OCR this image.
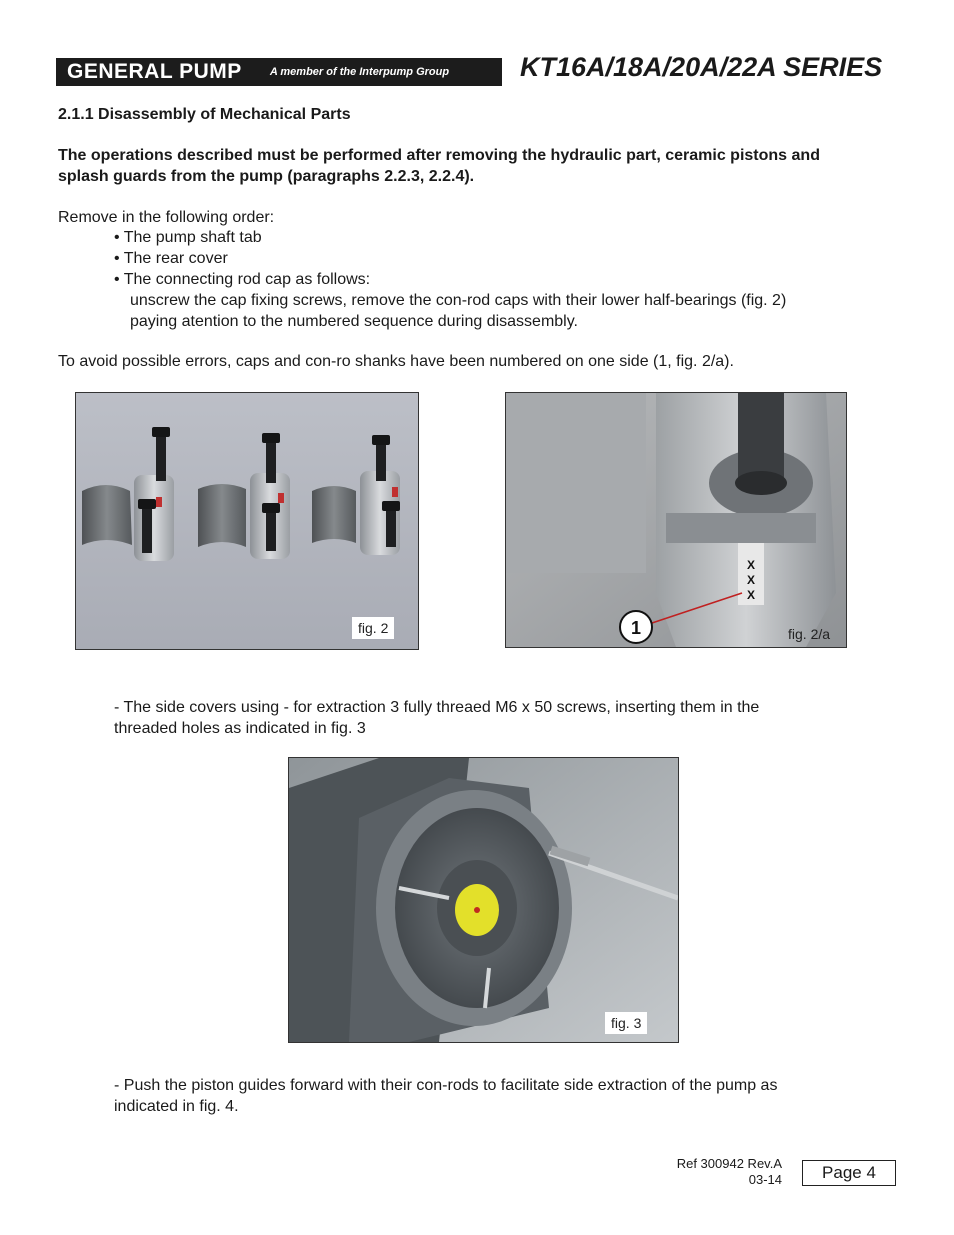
GENERAL PUMP	A member of the Interpump Group	KT16A/18A/20A/22A SERIES
2.1.1 Disassembly of Mechanical Parts
The operations described must be performed after removing the hydraulic part, ceramic pistons and
splash guards from the pump (paragraphs 2.2.3, 2.2.4).
Remove in the following order:
• The pump shaft tab
• The rear cover
• The connecting rod cap as follows:
unscrew the cap fixing screws, remove the con-rod caps with their lower half-bearings (fig. 2)
paying atention to the numbered sequence during disassembly.
To avoid possible errors, caps and con-ro shanks have been numbered on one side (1, fig. 2/a).
fig. 2
X
X
X
1	fig. 2/a
- The side covers using - for extraction 3 fully threaed M6 x 50 screws, inserting them in the
threaded holes as indicated in fig. 3
fig. 3
- Push the piston guides forward with their con-rods to facilitate side extraction of the pump as
indicated in fig. 4.
Ref 300942 Rev.A
03-14	Page 4
